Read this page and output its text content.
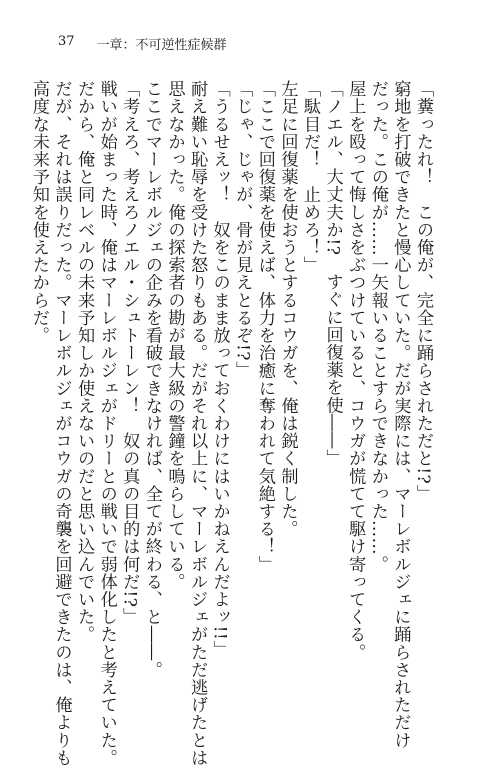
37 一章：不可逆性症候群
「糞ったれ！　この俺が、完全に踊らされただと!?」
窮地を打破できたと慢心していた。だが実際には、マーレボルジェに踊らされただけ
だった。この俺が……一矢報いることすらできなかった……。
屋上を殴って悔しさをぶつけていると、コウガが慌てて駆け寄ってくる。
「ノエル、大丈夫か!?　すぐに回復薬を使――」
「駄目だ！　止めろ！」
左足に回復薬を使おうとするコウガを、俺は鋭く制した。
「ここで回復薬を使えば、体力を治癒に奪われて気絶する！」
「じゃ、じゃが、骨が見えとるぞ!?」
「うるせえッ！　奴をこのまま放っておくわけにはいかねえんだよッ!!」
耐え難い恥辱を受けた怒りもある。だがそれ以上に、マーレボルジェがただ逃げたとは
思えなかった。俺の探索者の勘が最大級の警鐘を鳴らしている。
ここでマーレボルジェの企みを看破できなければ、全てが終わる、と――。
「考えろ、考えろノエル・シュトーレン！　奴の真の目的は何だ!?」
戦いが始まった時、俺はマーレボルジェがドリーとの戦いで弱体化したと考えていた。
だから、俺と同レベルの未来予知しか使えないのだと思い込んでいた。
だが、それは誤りだった。マーレボルジェがコウガの奇襲を回避できたのは、俺よりも
高度な未来予知を使えたからだ。
